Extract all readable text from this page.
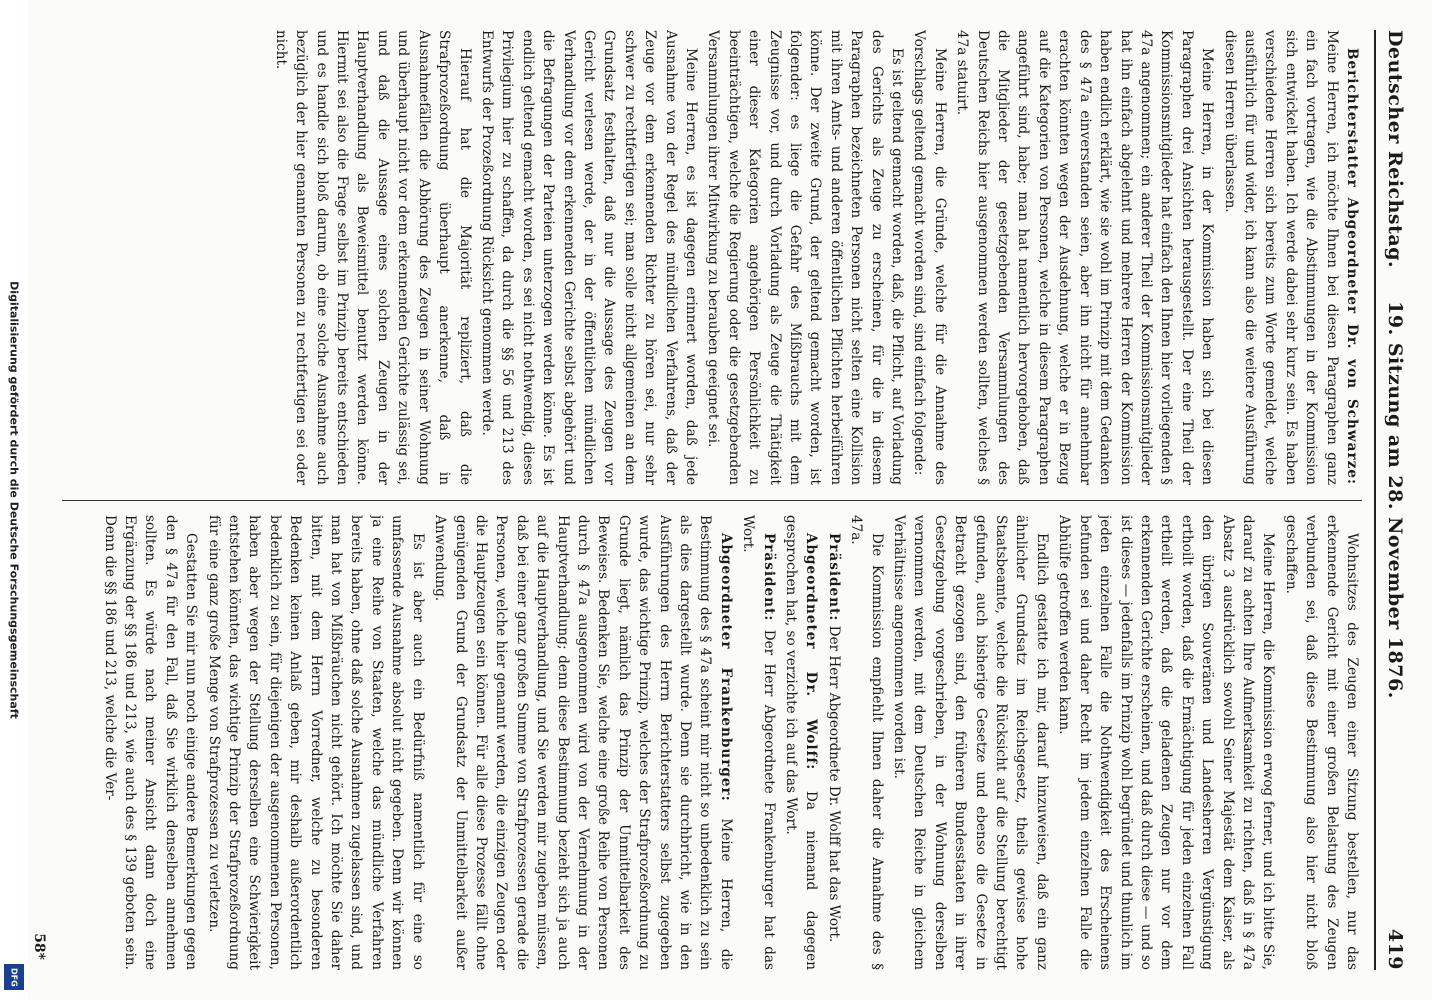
Deutscher Reichstag.
19. Sitzung am 28. November 1876.
419

Berichterstatter Abgeordneter Dr. von Schwarze: Meine Herren, ich möchte Ihnen bei diesen Paragraphen ganz ein fach vortragen, wie die Abstimmungen in der Kommission sich entwickelt haben. Ich werde dabei sehr kurz sein. Es haben verschiedene Herren sich bereits zum Worte gemeldet, welche ausführlich für und wider, ich kann also die weitere Ausführung diesen Herren überlassen.

Meine Herren, in der Kommission haben sich bei diesen Paragraphen drei Ansichten herausgestellt. Der eine Theil der Kommissionsmitglieder hat einfach den Ihnen hier vorliegenden § 47a angenommen; ein anderer Theil der Kommissionsmitglieder hat ihn einfach abgelehnt und mehrere Herren der Kommission haben endlich erklärt, wie sie wohl im Prinzip mit dem Gedanken des § 47a einverstanden seien, aber ihn nicht für annehmbar erachten könnten wegen der Ausdehnung, welche er in Bezug auf die Kategorien von Personen, welche in diesem Paragraphen angeführt sind, habe; man hat namentlich hervorgehoben, daß die Mitglieder der gesetzgebenden Versammlungen des Deutschen Reichs hier ausgenommen werden sollten, welches § 47a statuirt.

Meine Herren, die Gründe, welche für die Annahme des Vorschlags geltend gemacht worden sind, sind einfach folgende:

Es ist geltend gemacht worden, daß, die Pflicht, auf Vorladung des Gerichts als Zeuge zu erscheinen, für die in diesem Paragraphen bezeichneten Personen nicht selten eine Kollision mit ihren Amts- und anderen öffentlichen Pflichten herbeiführen könne. Der zweite Grund, der geltend gemacht worden, ist folgender: es liege die Gefahr des Mißbrauchs mit dem Zeugnisse vor, und durch Vorladung als Zeuge die Thätigkeit einer dieser Kategorien angehörigen Persönlichkeit zu beeinträchtigen, welche die Regierung oder die gesetzgebenden Versammlungen ihrer Mitwirkung zu berauben geeignet sei.

Meine Herren, es ist dagegen erinnert worden, daß jede Ausnahme von der Regel des mündlichen Verfahrens, daß der Zeuge vor dem erkennenden Richter zu hören sei, nur sehr schwer zu rechtfertigen sei; man solle nicht allgemeinen an dem Grundsatz festhalten, daß nur die Aussage des Zeugen vor Gericht verlesen werde, der in der öffentlichen mündlichen Verhandlung vor dem erkennenden Gerichte selbst abgehört und die Befragungen der Parteien unterzogen werden könne. Es ist endlich geltend gemacht worden, es sei nicht nothwendig, dieses Privilegium hier zu schaffen, da durch die §§ 56 und 213 des Entwurfs der Prozeßordnung Rücksicht genommen werde.

Hierauf hat die Majorität repliziert, daß die Strafprozeßordnung überhaupt anerkenne, daß in Ausnahmefällen die Abhörung des Zeugen in seiner Wohnung und überhaupt nicht vor dem erkennenden Gerichte zulässig sei, und daß die Aussage eines solchen Zeugen in der Hauptverhandlung als Beweismittel benutzt werden könne. Hiermit sei also die Frage selbst im Prinzip bereits entschieden und es handle sich bloß darum, ob eine solche Ausnahme auch bezüglich der hier genannten Personen zu rechtfertigen sei oder nicht.

Wohnsitzes des Zeugen einer Sitzung bestellen, nur das erkennende Gericht mit einer großen Belastung des Zeugen verbunden sei, daß diese Bestimmung also hier nicht bloß geschaffen.

Meine Herren, die Kommission erwog ferner, und ich bitte Sie, darauf zu achten Ihre Aufmerksamkeit zu richten, daß in § 47a Absatz 3 ausdrücklich sowohl Seiner Majestät dem Kaiser, als den übrigen Souveränen und Landesherren Vergünstigung erthoilt worden, daß die Ermächtigung für jeden einzelnen Fall ertheilt werden, daß die geladenen Zeugen nur vor dem erkennenden Gerichte erscheinen, und daß durch diese — und so ist dieses — jedenfalls im Prinzip wohl begründet und thunlich im jeden einzelnen Falle die Nothwendigkeit des Erscheinens befunden sei und daher Recht im jedem einzelnen Falle die Abhülfe getroffen werden kann.

Endlich gestatte ich mir, darauf hinzuweisen, daß ein ganz ähnlicher Grundsatz im Reichsgesetz, theils gewisse hohe Staatsbeamte, welche die Rücksicht auf die Stellung berechtigt gefunden, auch bisherige Gesetze und ebenso die Gesetze in Betracht gezogen sind, den früheren Bundesstaaten in ihrer Gesetzgebung vorgeschrieben, in der Wohnung derselben vernommen werden, mit dem Deutschen Reiche in gleichem Verhältnisse angenommen worden ist.

Die Kommission empfiehlt Ihnen daher die Annahme des § 47a.

Präsident: Der Herr Abgeordnete Dr. Wolff hat das Wort.

Abgeordneter Dr. Wolff: Da niemand dagegen gesprochen hat, so verzichte ich auf das Wort.

Präsident: Der Herr Abgeordnete Frankenburger hat das Wort.

Abgeordneter Frankenburger: Meine Herren, die Bestimmung des § 47a scheint mir nicht so unbedenklich zu sein als dies dargestellt wurde. Denn sie durchbricht, wie in den Ausführungen des Herrn Berichterstatters selbst zugegeben wurde, das wichtige Prinzip, welches der Strafprozeßordnung zu Grunde liegt, nämlich das Prinzip der Unmittelbarkeit des Beweises. Bedenken Sie, welche eine große Reihe von Personen durch § 47a ausgenommen wird von der Vernehmung in der Hauptverhandlung; denn diese Bestimmung bezieht sich ja auch auf die Hauptverhandlung, und Sie werden mir zugeben müssen, daß bei einer ganz großen Summe von Strafprozessen gerade die Personen, welche hier genannt werden, die einzigen Zeugen oder die Hauptzeugen sein können. Für alle diese Prozesse fällt ohne genügenden Grund der Grundsatz der Unmittelbarkeit außer Anwendung.

Es ist aber auch ein Bedürfniß namentlich für eine so umfassende Ausnahme absolut nicht gegeben. Denn wir können ja eine Reihe von Staaten, welche das mündliche Verfahren bereits haben, ohne daß solche Ausnahmen zugelassen sind, und man hat von Mißbräuchen nicht gehört. Ich möchte Sie daher bitten, mit dem Herrn Vorredner, welche zu besonderen Bedenken keinen Anlaß geben, mir deshalb außerordentlich bedenklich zu sein, für diejenigen der ausgenommenen Personen, haben aber wegen der Stellung derselben eine Schwierigkeit entstehen könnten, das wichtige Prinzip der Strafprozeßordnung für eine ganz große Menge von Strafprozessen zu verletzen.

Gestatten Sie mir nun noch einige andere Bemerkungen gegen den § 47a für den Fall, daß Sie wirklich denselben annehmen sollten. Es würde nach meiner Ansicht dann doch eine Ergänzung der §§ 186 und 213, wie auch des § 139 geboten sein. Denn die §§ 186 und 213, welche die Ver-

58*
Digitalisierung gefördert durch die Deutsche Forschungsgemeinschaft
DFG
